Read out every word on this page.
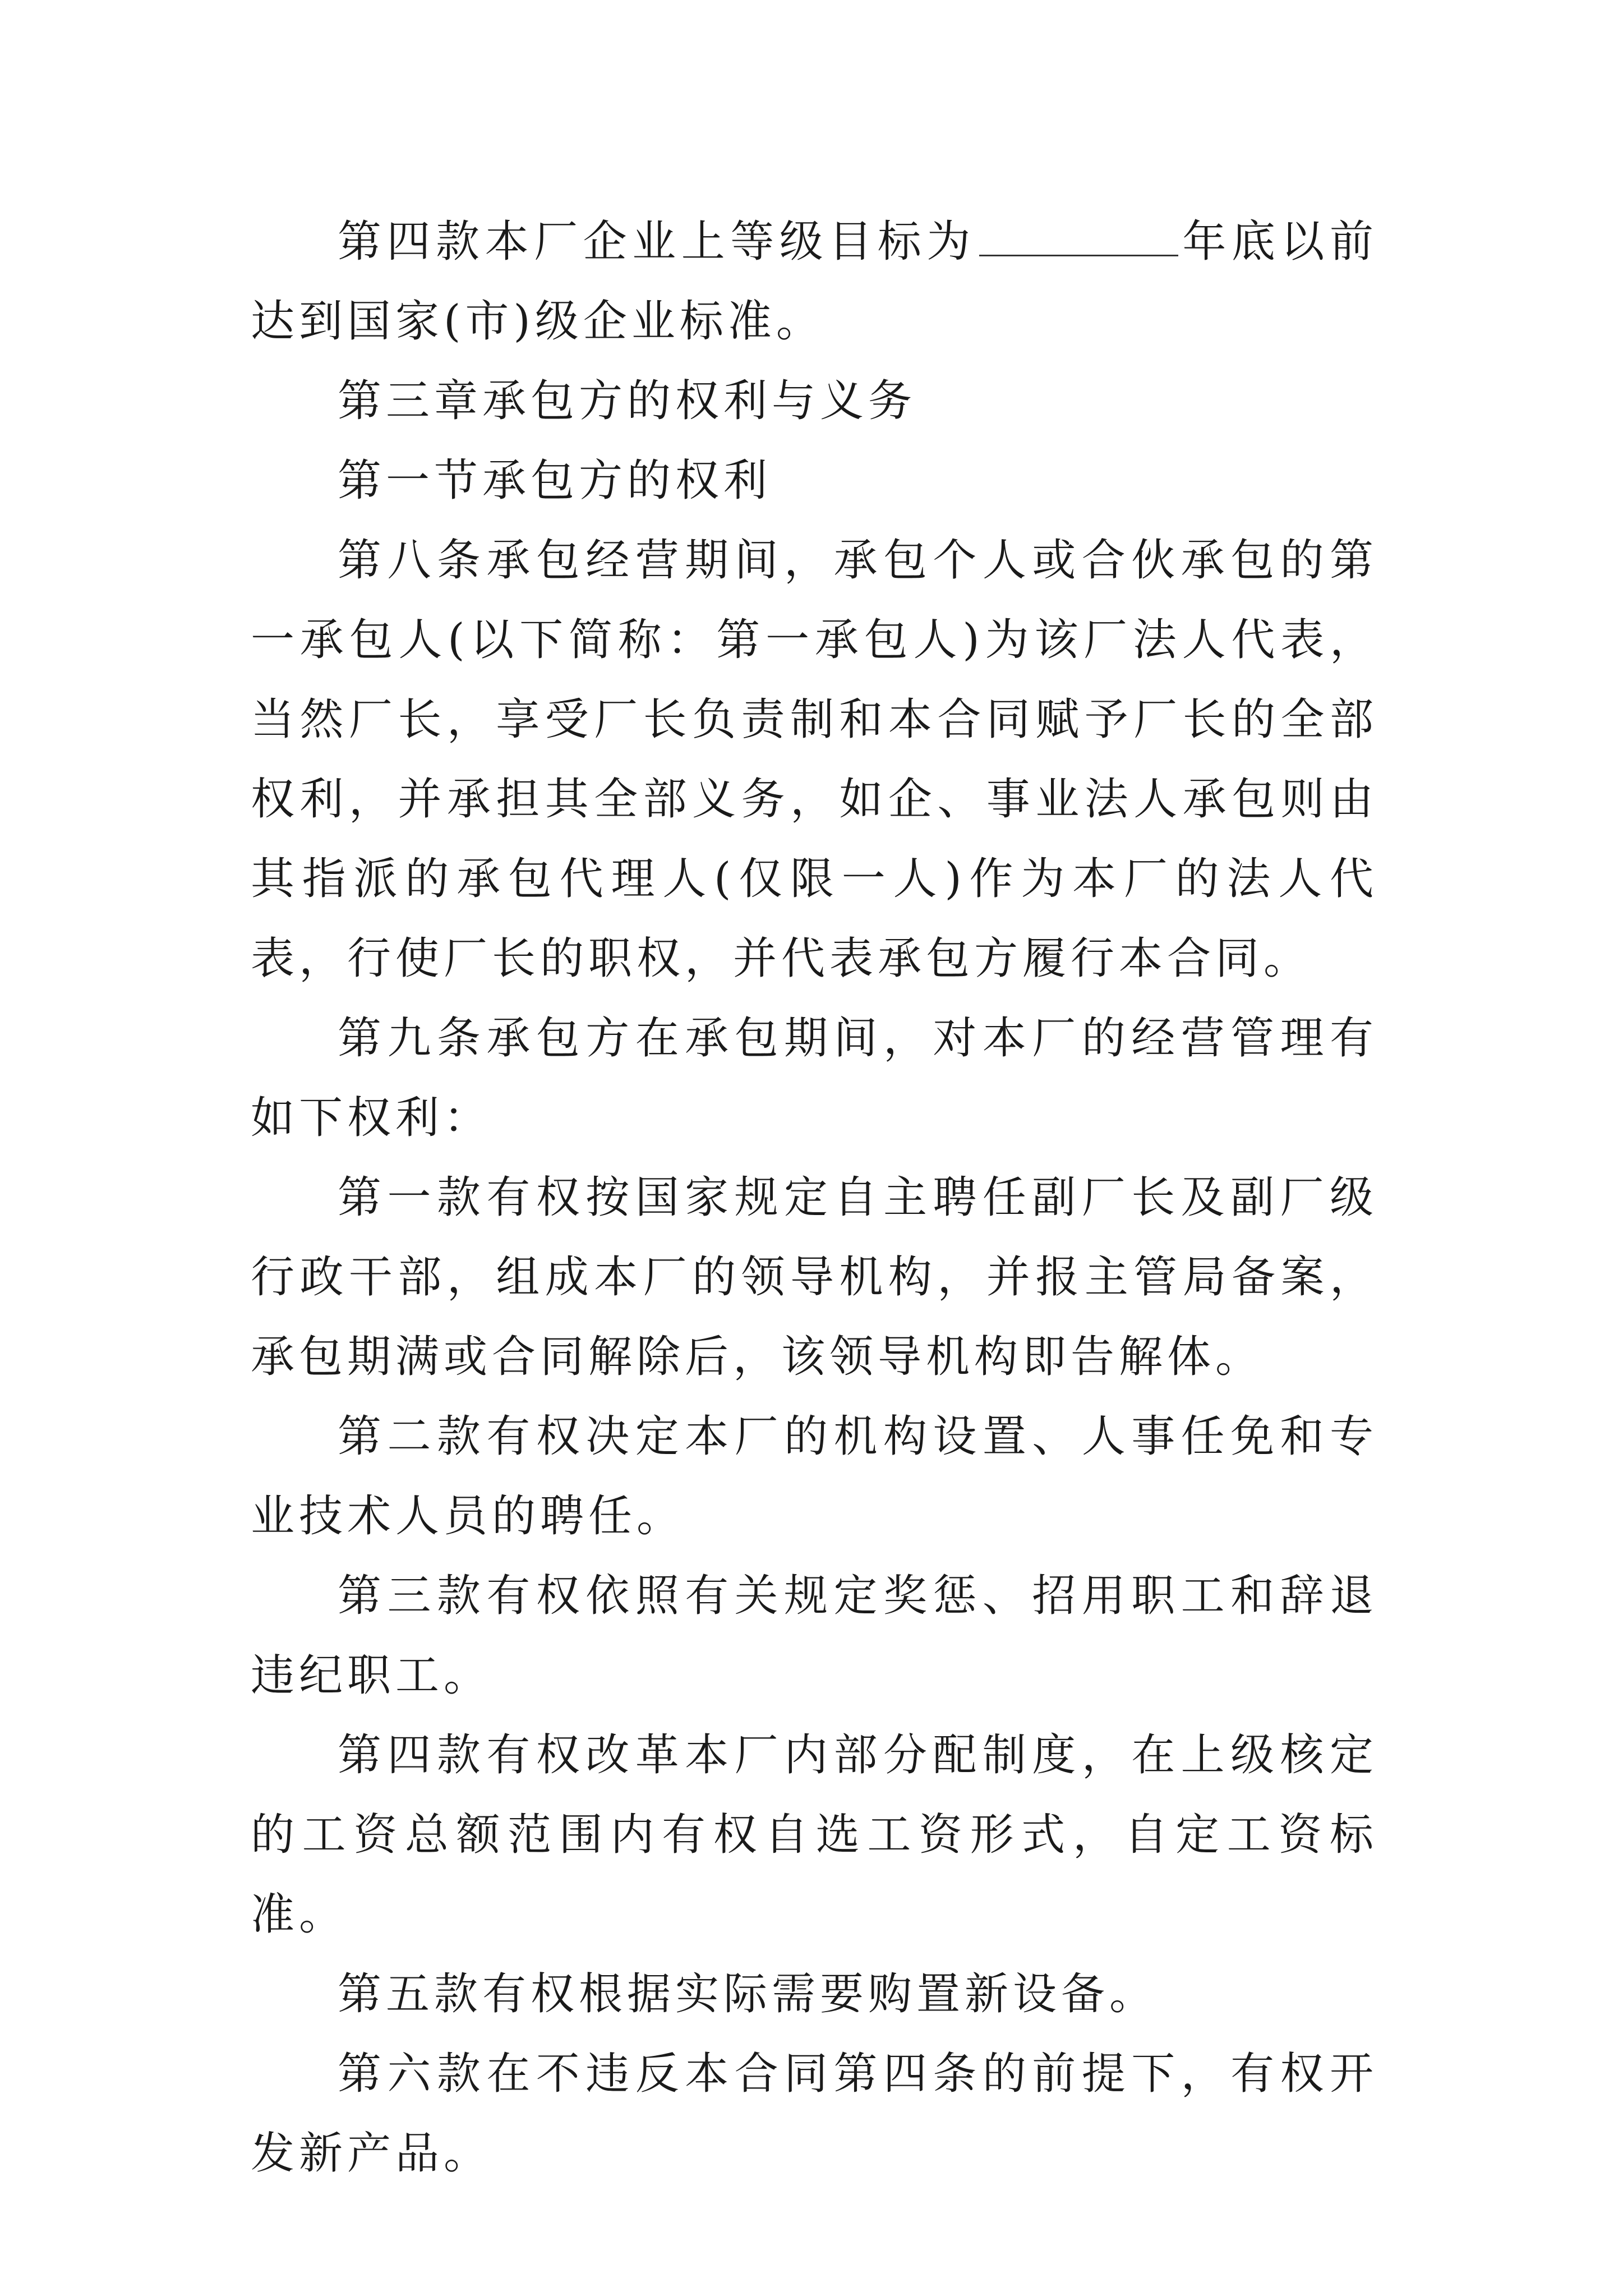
第四款本厂企业上等级目标为	年底以前达到国家(市)级企业标准。

第三章承包方的权利与义务

第一节承包方的权利

第八条承包经营期间，承包个人或合伙承包的第一承包人(以下简称：第一承包人)为该厂法人代表，当然厂长，享受厂长负责制和本合同赋予厂长的全部权利，并承担其全部义务，如企、事业法人承包则由其指派的承包代理人(仅限一人)作为本厂的法人代表，行使厂长的职权，并代表承包方履行本合同。

第九条承包方在承包期间，对本厂的经营管理有如下权利：

第一款有权按国家规定自主聘任副厂长及副厂级行政干部，组成本厂的领导机构，并报主管局备案，承包期满或合同解除后，该领导机构即告解体。

第二款有权决定本厂的机构设置、人事任免和专业技术人员的聘任。

第三款有权依照有关规定奖惩、招用职工和辞退违纪职工。

第四款有权改革本厂内部分配制度，在上级核定的工资总额范围内有权自选工资形式，自定工资标准。

第五款有权根据实际需要购置新设备。

第六款在不违反本合同第四条的前提下，有权开发新产品。
